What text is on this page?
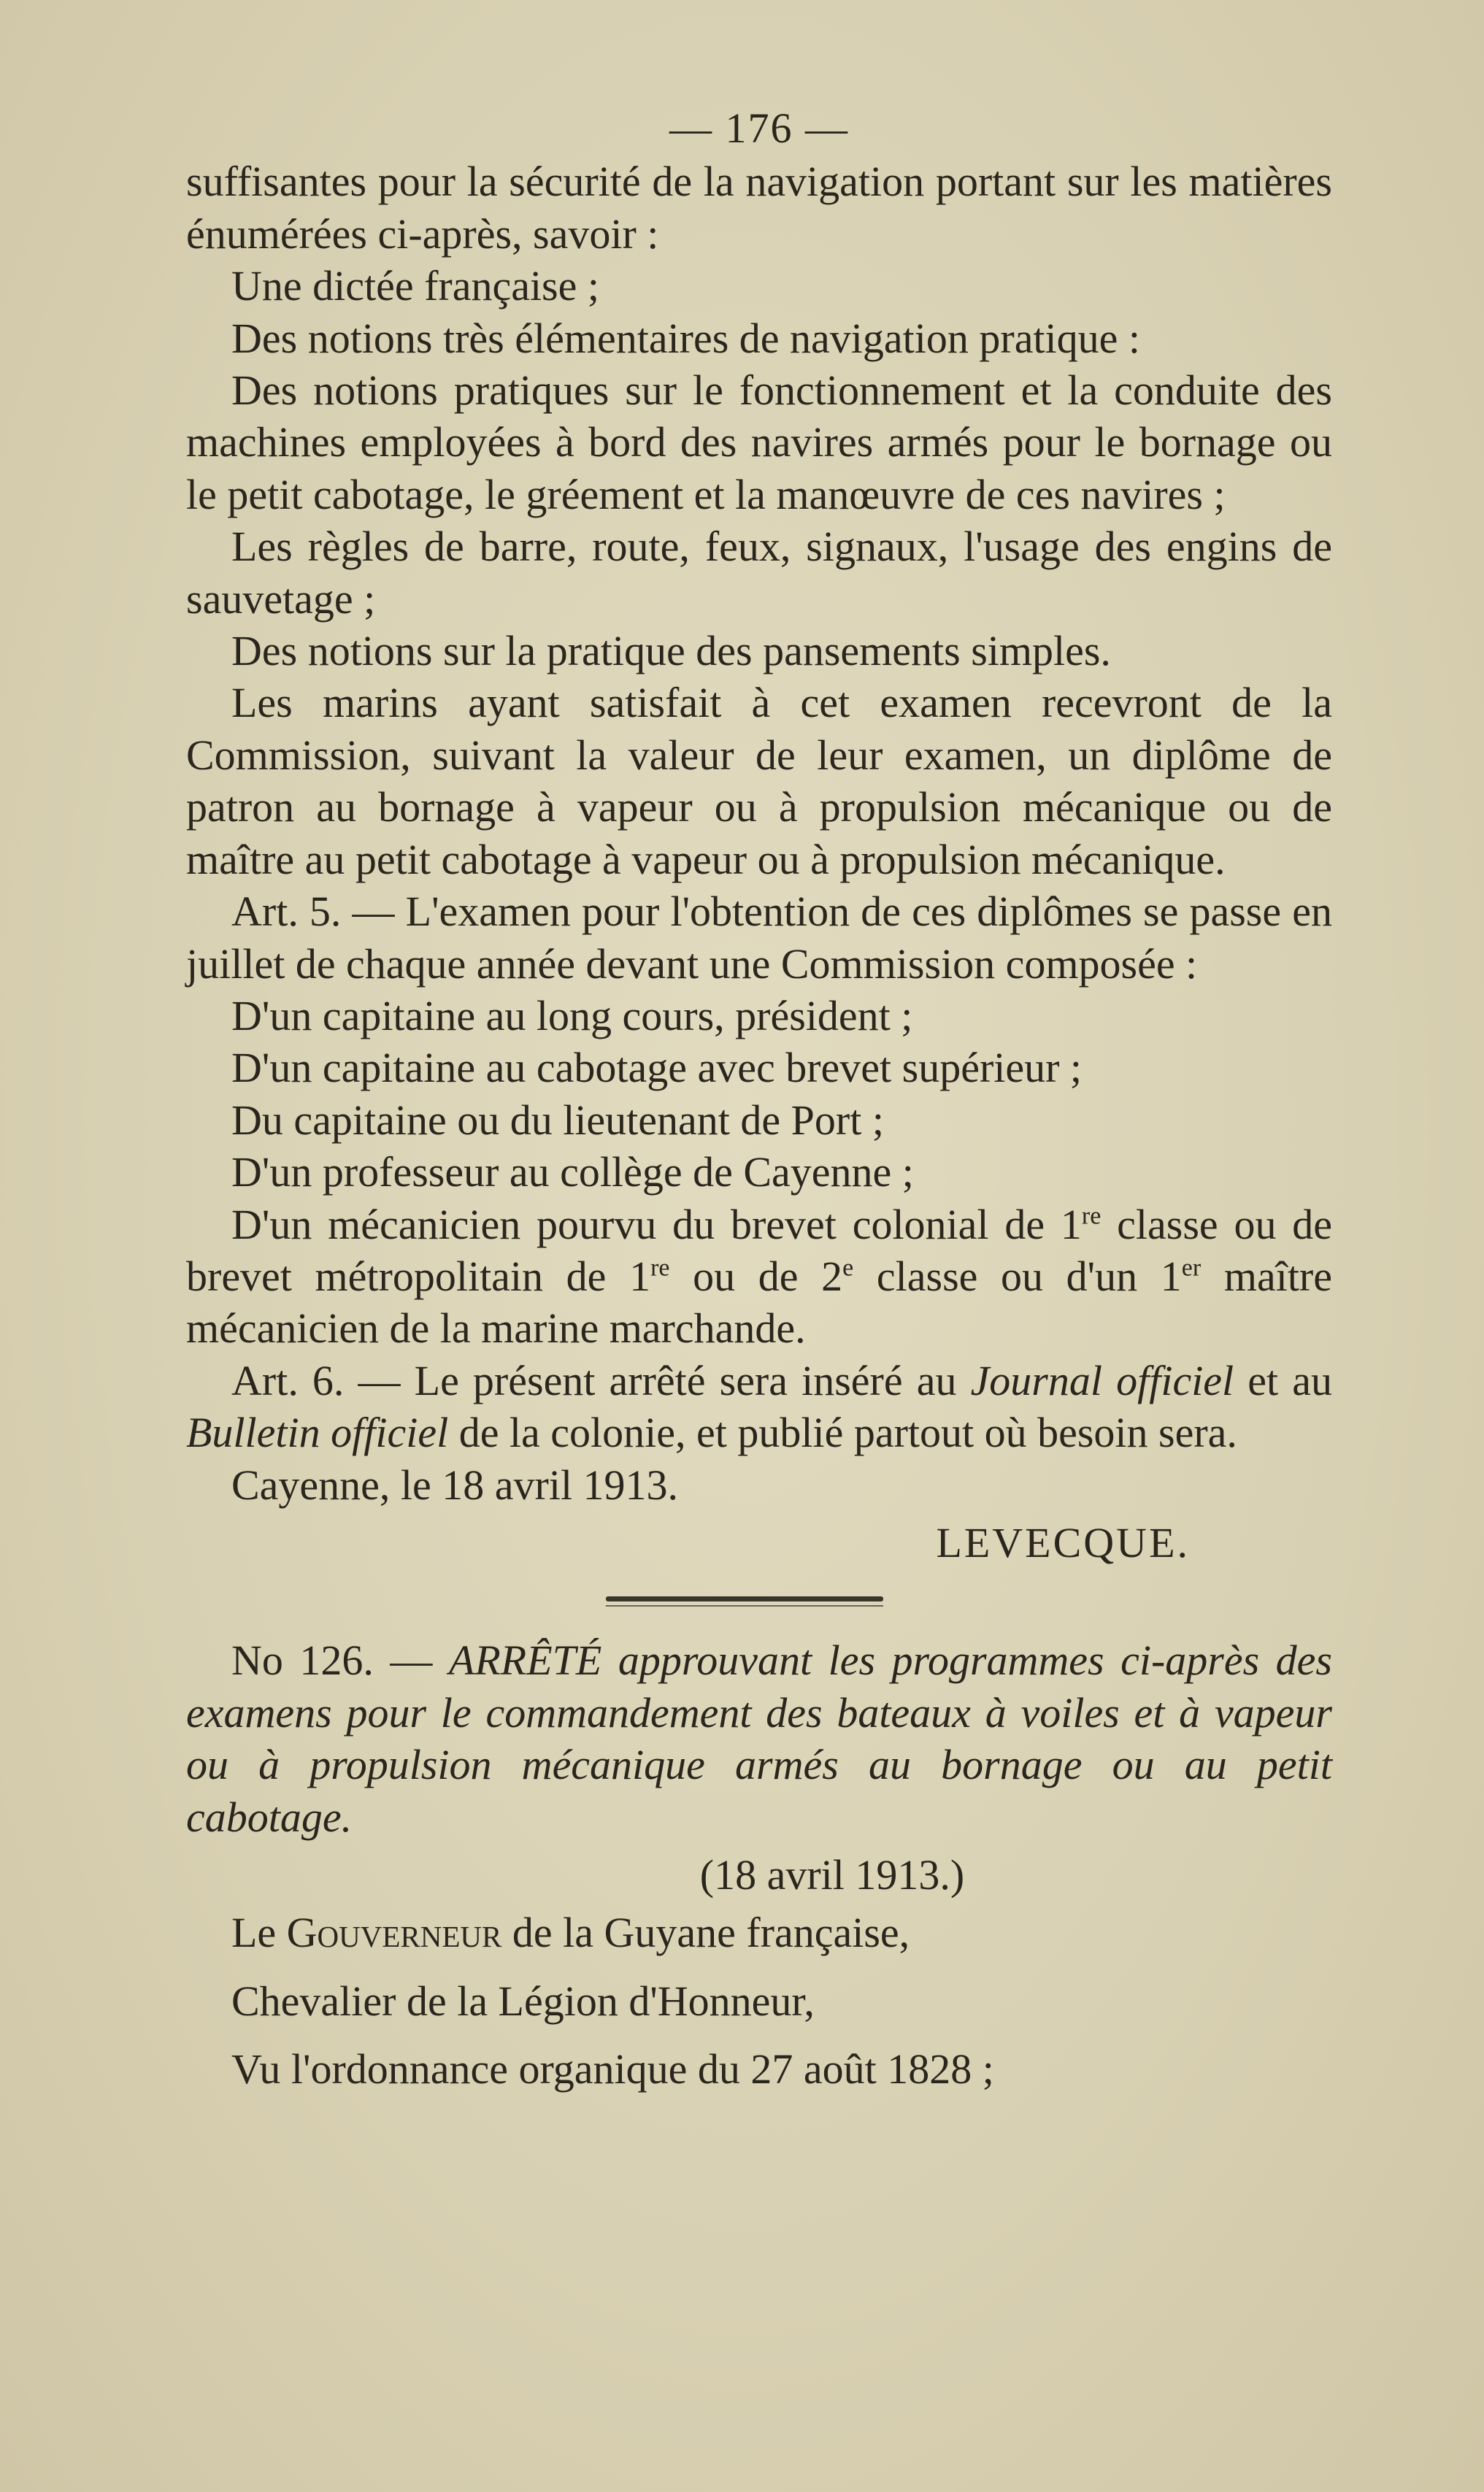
— 176 —

suffisantes pour la sécurité de la navigation portant sur les matières énumérées ci-après, savoir :

Une dictée française ;

Des notions très élémentaires de navigation pratique :

Des notions pratiques sur le fonctionnement et la conduite des machines employées à bord des navires armés pour le bornage ou le petit cabotage, le gréement et la manœuvre de ces navires ;

Les règles de barre, route, feux, signaux, l'usage des engins de sauvetage ;

Des notions sur la pratique des pansements simples.

Les marins ayant satisfait à cet examen recevront de la Commission, suivant la valeur de leur examen, un diplôme de patron au bornage à vapeur ou à propulsion mécanique ou de maître au petit cabotage à vapeur ou à propulsion mécanique.

Art. 5. — L'examen pour l'obtention de ces diplômes se passe en juillet de chaque année devant une Commission composée :

D'un capitaine au long cours, président ;

D'un capitaine au cabotage avec brevet supérieur ;

Du capitaine ou du lieutenant de Port ;

D'un professeur au collège de Cayenne ;

D'un mécanicien pourvu du brevet colonial de 1re classe ou de brevet métropolitain de 1re ou de 2e classe ou d'un 1er maître mécanicien de la marine marchande.

Art. 6. — Le présent arrêté sera inséré au Journal officiel et au Bulletin officiel de la colonie, et publié partout où besoin sera.

Cayenne, le 18 avril 1913.

LEVECQUE.

No 126. — ARRÊTÉ approuvant les programmes ci-après des examens pour le commandement des bateaux à voiles et à vapeur ou à propulsion mécanique armés au bornage ou au petit cabotage.

(18 avril 1913.)

Le Gouverneur de la Guyane française,

Chevalier de la Légion d'Honneur,

Vu l'ordonnance organique du 27 août 1828 ;
